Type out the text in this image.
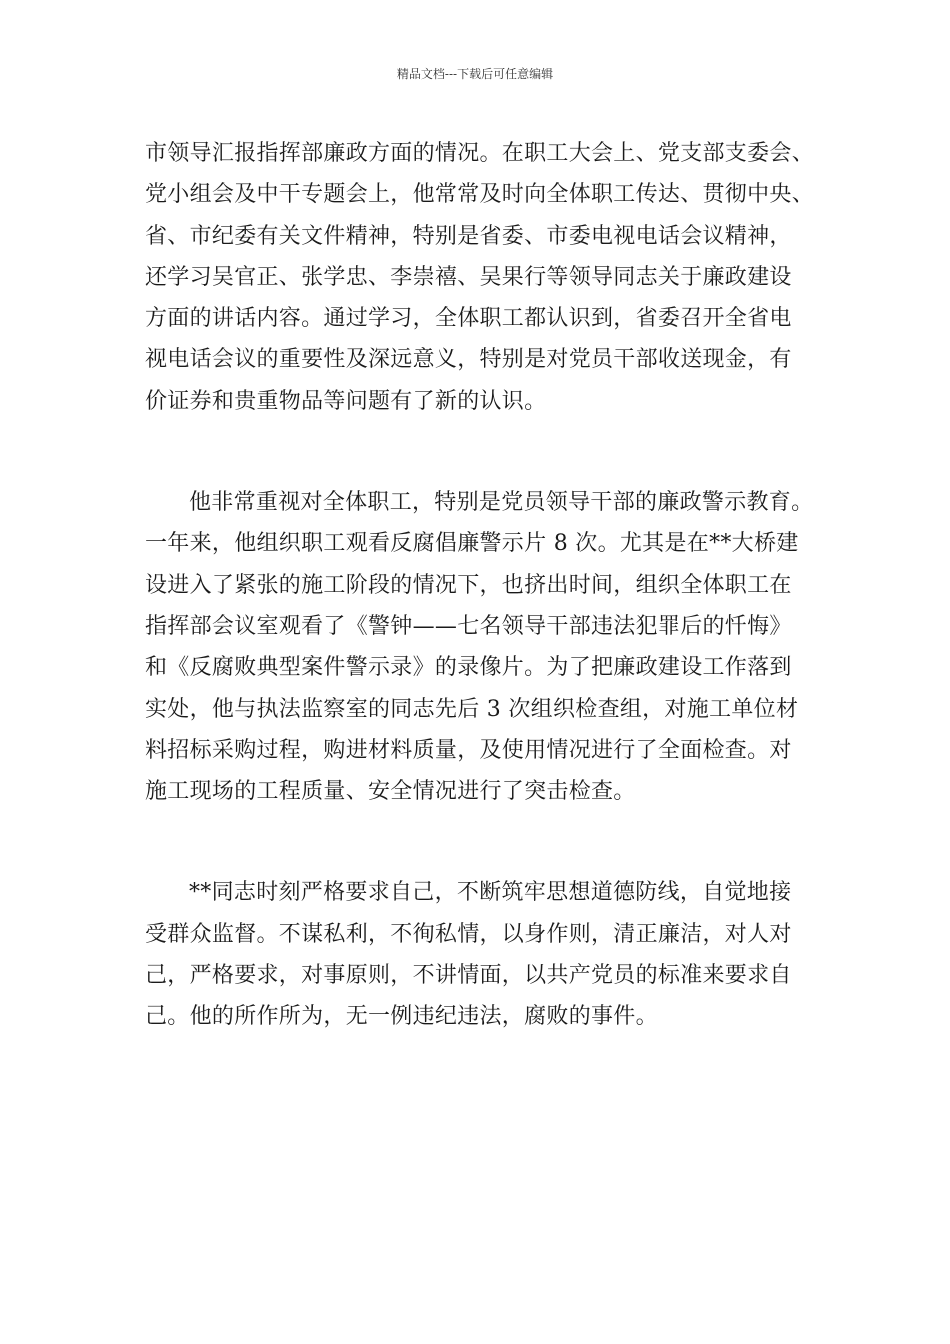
精品文档---下载后可任意编辑
市领导汇报指挥部廉政方面的情况。在职工大会上、党支部支委会、
党小组会及中干专题会上，他常常及时向全体职工传达、贯彻中央、
省、市纪委有关文件精神，特别是省委、市委电视电话会议精神，
还学习吴官正、张学忠、李崇禧、吴果行等领导同志关于廉政建设
方面的讲话内容。通过学习，全体职工都认识到，省委召开全省电
视电话会议的重要性及深远意义，特别是对党员干部收送现金，有
价证券和贵重物品等问题有了新的认识。
他非常重视对全体职工，特别是党员领导干部的廉政警示教育。
一年来，他组织职工观看反腐倡廉警示片 8 次。尤其是在**大桥建
设进入了紧张的施工阶段的情况下，也挤出时间，组织全体职工在
指挥部会议室观看了《警钟——七名领导干部违法犯罪后的忏悔》
和《反腐败典型案件警示录》的录像片。为了把廉政建设工作落到
实处，他与执法监察室的同志先后 3 次组织检查组，对施工单位材
料招标采购过程，购进材料质量，及使用情况进行了全面检查。对
施工现场的工程质量、安全情况进行了突击检查。
**同志时刻严格要求自己，不断筑牢思想道德防线，自觉地接
受群众监督。不谋私利，不徇私情，以身作则，清正廉洁，对人对
己，严格要求，对事原则，不讲情面，以共产党员的标准来要求自
己。他的所作所为，无一例违纪违法，腐败的事件。
